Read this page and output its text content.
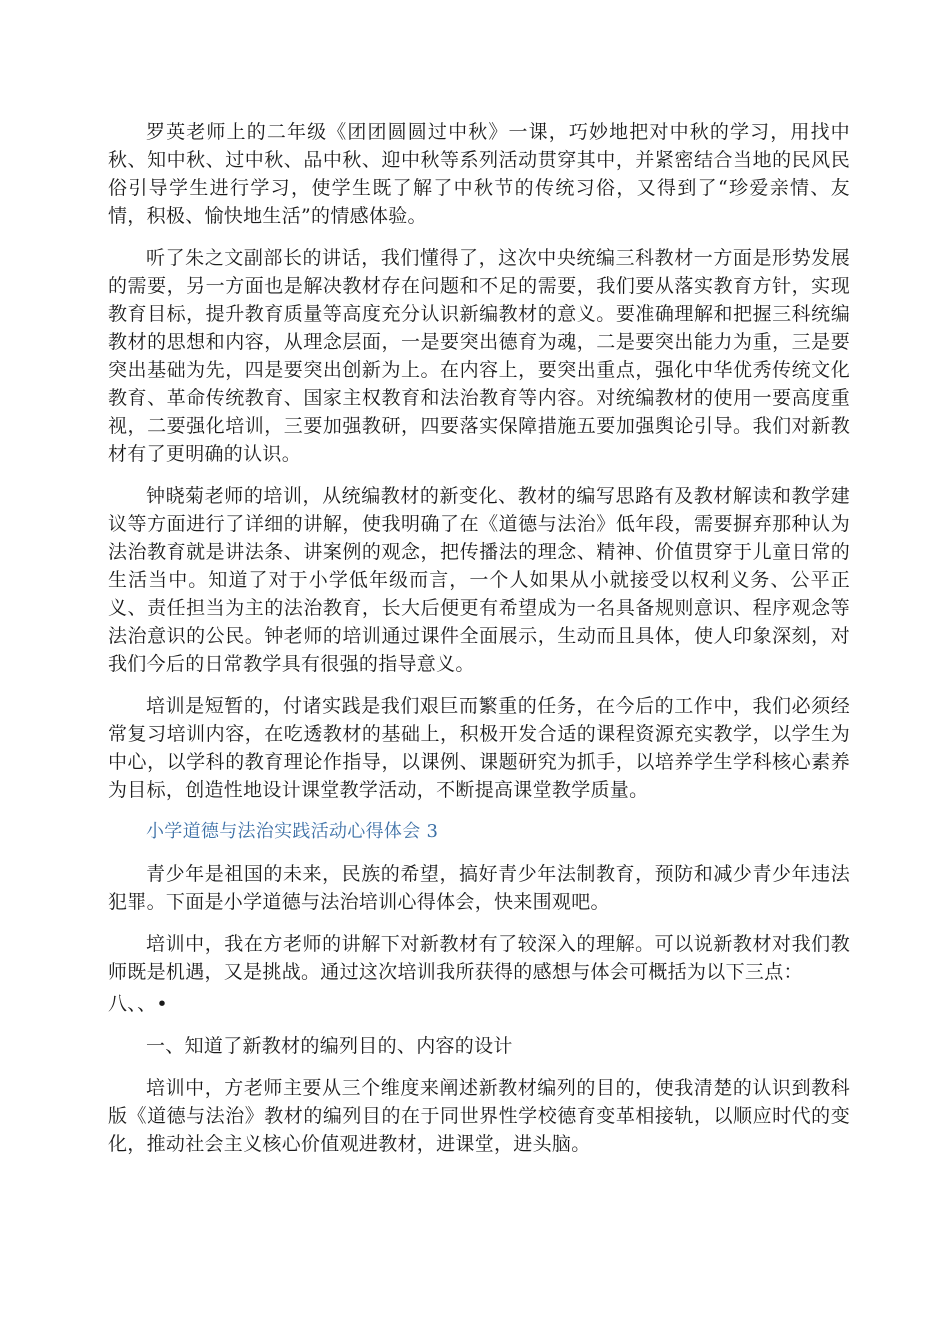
罗英老师上的二年级《团团圆圆过中秋》一课，巧妙地把对中秋的学习，用找中秋、知中秋、过中秋、品中秋、迎中秋等系列活动贯穿其中，并紧密结合当地的民风民俗引导学生进行学习，使学生既了解了中秋节的传统习俗，又得到了“珍爱亲情、友情，积极、愉快地生活”的情感体验。

听了朱之文副部长的讲话，我们懂得了，这次中央统编三科教材一方面是形势发展的需要，另一方面也是解决教材存在问题和不足的需要，我们要从落实教育方针，实现教育目标，提升教育质量等高度充分认识新编教材的意义。要准确理解和把握三科统编教材的思想和内容，从理念层面，一是要突出德育为魂，二是要突出能力为重，三是要突出基础为先，四是要突出创新为上。在内容上，要突出重点，强化中华优秀传统文化教育、革命传统教育、国家主权教育和法治教育等内容。对统编教材的使用一要高度重视，二要强化培训，三要加强教研，四要落实保障措施五要加强舆论引导。我们对新教材有了更明确的认识。

钟晓菊老师的培训，从统编教材的新变化、教材的编写思路有及教材解读和教学建议等方面进行了详细的讲解，使我明确了在《道德与法治》低年段，需要摒弃那种认为法治教育就是讲法条、讲案例的观念，把传播法的理念、精神、价值贯穿于儿童日常的生活当中。知道了对于小学低年级而言，一个人如果从小就接受以权利义务、公平正义、责任担当为主的法治教育，长大后便更有希望成为一名具备规则意识、程序观念等法治意识的公民。钟老师的培训通过课件全面展示，生动而且具体，使人印象深刻，对我们今后的日常教学具有很强的指导意义。

培训是短暂的，付诸实践是我们艰巨而繁重的任务，在今后的工作中，我们必须经常复习培训内容，在吃透教材的基础上，积极开发合适的课程资源充实教学，以学生为中心，以学科的教育理论作指导，以课例、课题研究为抓手，以培养学生学科核心素养为目标，创造性地设计课堂教学活动，不断提高课堂教学质量。

小学道德与法治实践活动心得体会 3

青少年是祖国的未来，民族的希望，搞好青少年法制教育，预防和减少青少年违法犯罪。下面是小学道德与法治培训心得体会，快来围观吧。

培训中，我在方老师的讲解下对新教材有了较深入的理解。可以说新教材对我们教师既是机遇，又是挑战。通过这次培训我所获得的感想与体会可概括为以下三点：

八、、•

一、知道了新教材的编列目的、内容的设计

培训中，方老师主要从三个维度来阐述新教材编列的目的，使我清楚的认识到教科版《道德与法治》教材的编列目的在于同世界性学校德育变革相接轨，以顺应时代的变化，推动社会主义核心价值观进教材，进课堂，进头脑。
